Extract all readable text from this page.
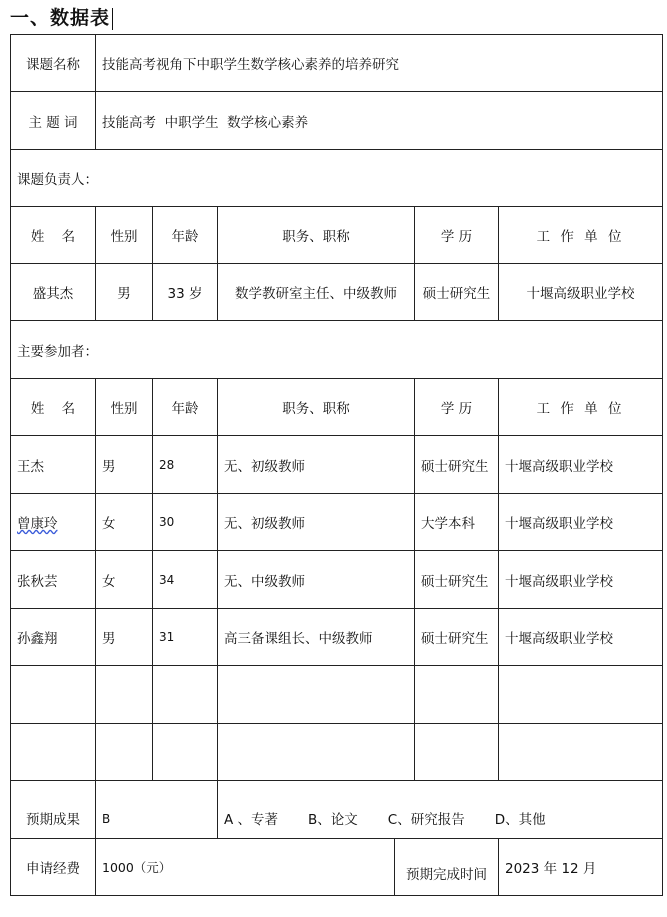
一、数据表
课题名称	技能高考视角下中职学生数学核心素养的培养研究					
主 题 词	技能高考  中职学生  数学核心素养					
课题负责人：						
姓    名	性别	年龄	职务、职称		学 历	工 作 单 位
盛其杰	男	33 岁	数学教研室主任、中级教师		硕士研究生	十堰高级职业学校
主要参加者：						
姓    名	性别	年龄	职务、职称		学 历	工 作 单 位
王杰	男	28	无、初级教师		硕士研究生	十堰高级职业学校
曾康玲	女	30	无、初级教师		大学本科	十堰高级职业学校
张秋芸	女	34	无、中级教师		硕士研究生	十堰高级职业学校
孙鑫翔	男	31	高三备课组长、中级教师		硕士研究生	十堰高级职业学校

预期成果	B		A 、专著 B、论文 C、研究报告 D、其他			
申请经费	1000（元）			预期完成时间		2023 年 12 月
